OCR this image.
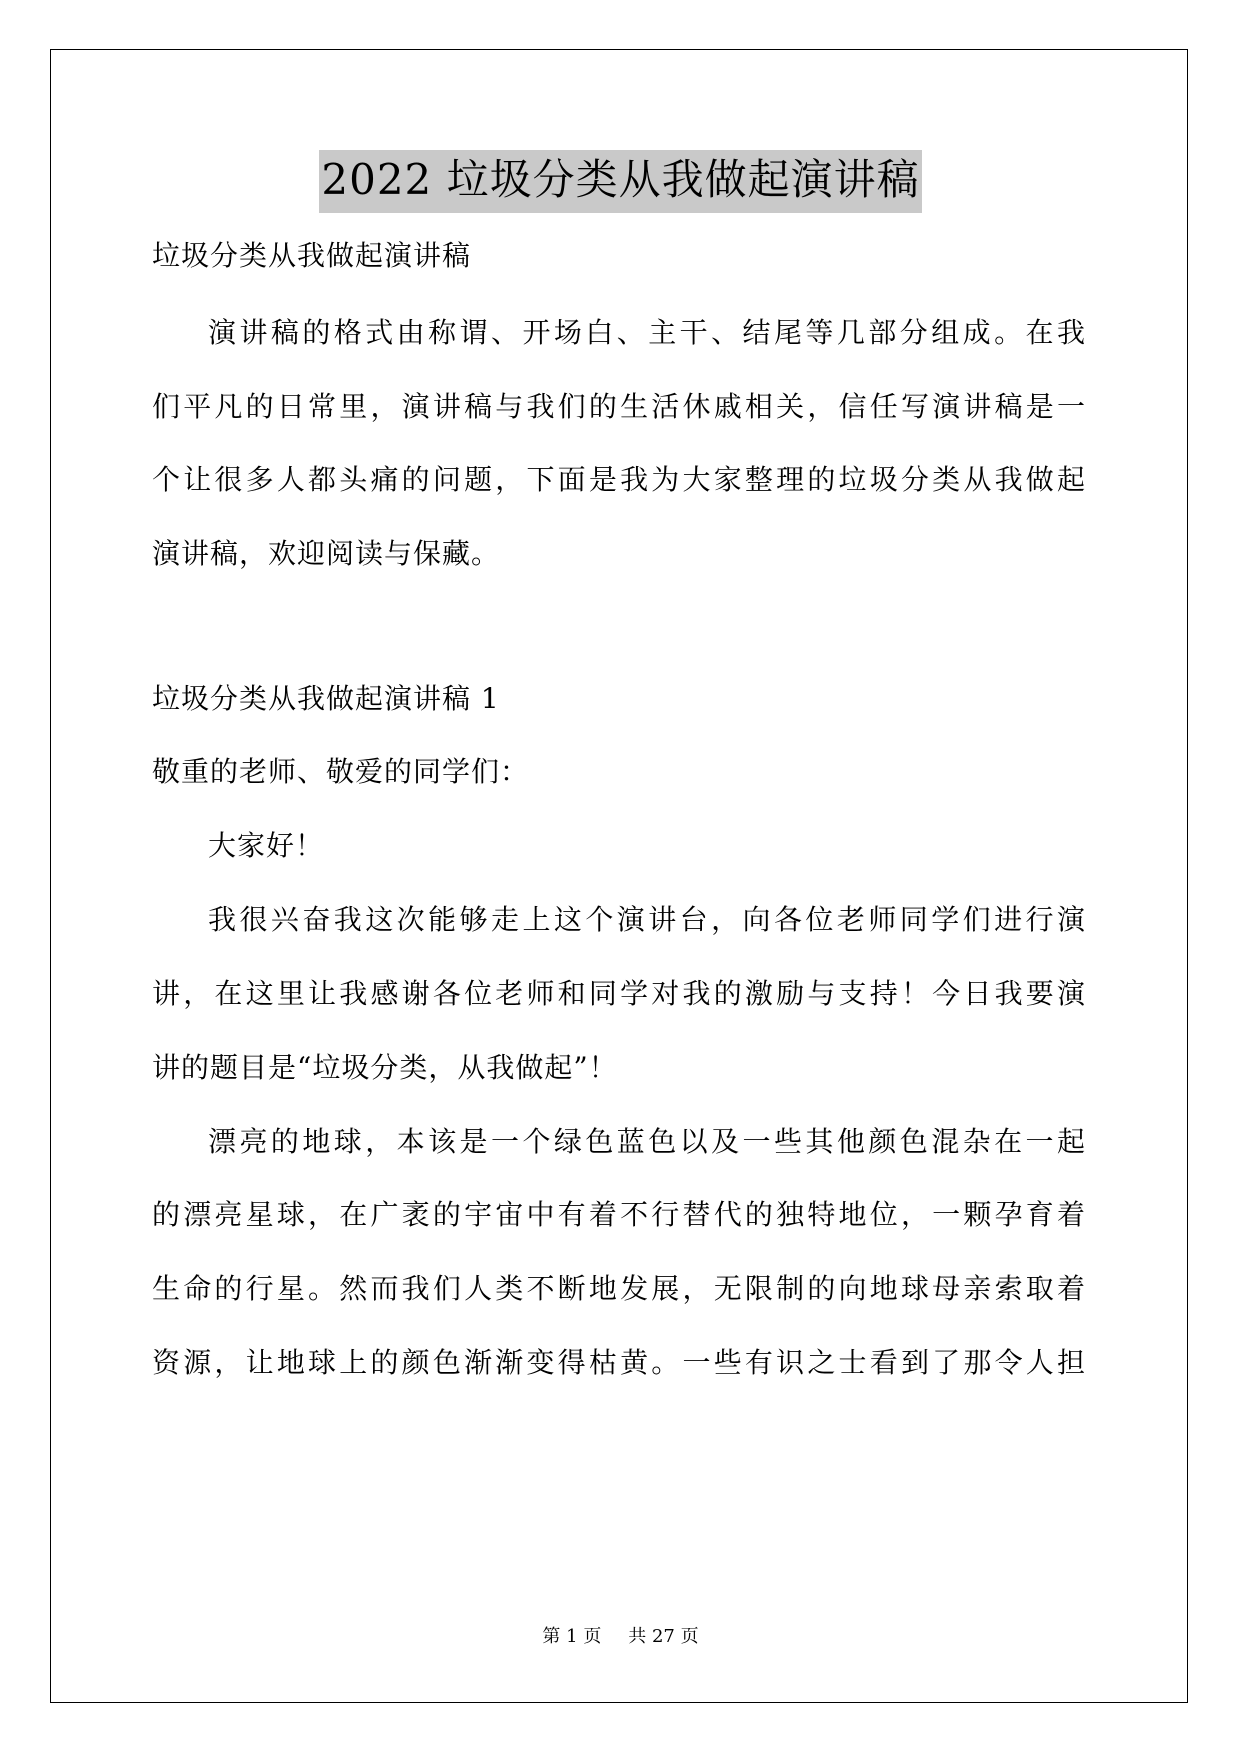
2022 垃圾分类从我做起演讲稿
垃圾分类从我做起演讲稿
演讲稿的格式由称谓、开场白、主干、结尾等几部分组成。在我
们平凡的日常里，演讲稿与我们的生活休戚相关，信任写演讲稿是一
个让很多人都头痛的问题，下面是我为大家整理的垃圾分类从我做起
演讲稿，欢迎阅读与保藏。
垃圾分类从我做起演讲稿 1
敬重的老师、敬爱的同学们：
大家好！
我很兴奋我这次能够走上这个演讲台，向各位老师同学们进行演
讲，在这里让我感谢各位老师和同学对我的激励与支持！今日我要演
讲的题目是“垃圾分类，从我做起”！
漂亮的地球，本该是一个绿色蓝色以及一些其他颜色混杂在一起
的漂亮星球，在广袤的宇宙中有着不行替代的独特地位，一颗孕育着
生命的行星。然而我们人类不断地发展，无限制的向地球母亲索取着
资源，让地球上的颜色渐渐变得枯黄。一些有识之士看到了那令人担
第 1 页 共 27 页
